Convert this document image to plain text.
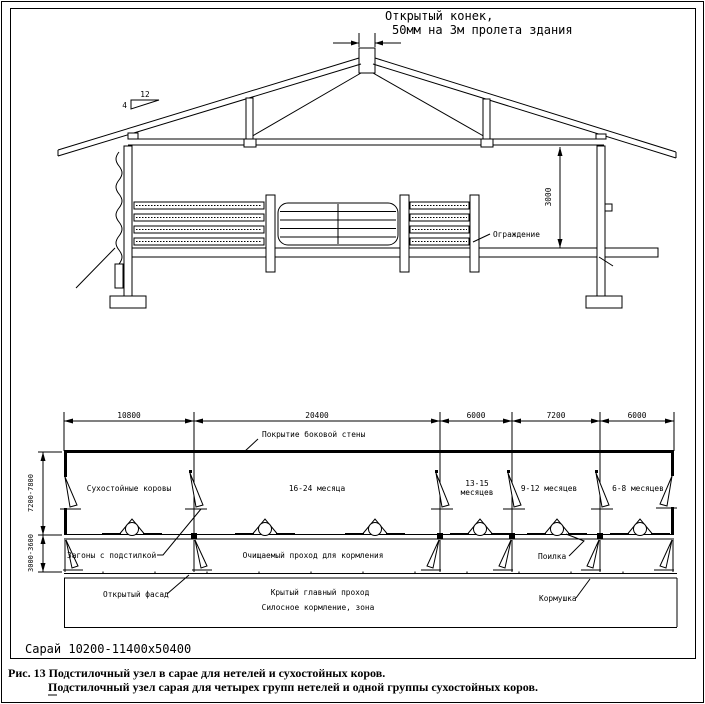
Открытый конек,
50мм на 3м пролета здания
12
4
3000
Ограждение
10800	20400	6000	7200	6000
7200-7800
3000-3600
Покрытие боковой стены
Сухостойные коровы	16-24 месяца
13-15
месяцев	9-12 месяцев	6-8 месяцев
Загоны с подстилкой	Очищаемый проход для кормления	Поилка
Открытый фасад	Крытый главный проход
Силосное кормление, зона
Кормушка
Сарай 10200-11400х50400
Рис. 13 Подстилочный узел в сарае для нетелей и сухостойных коров.
Подстилочный узел сарая для четырех групп нетелей и одной группы сухостойных коров.
